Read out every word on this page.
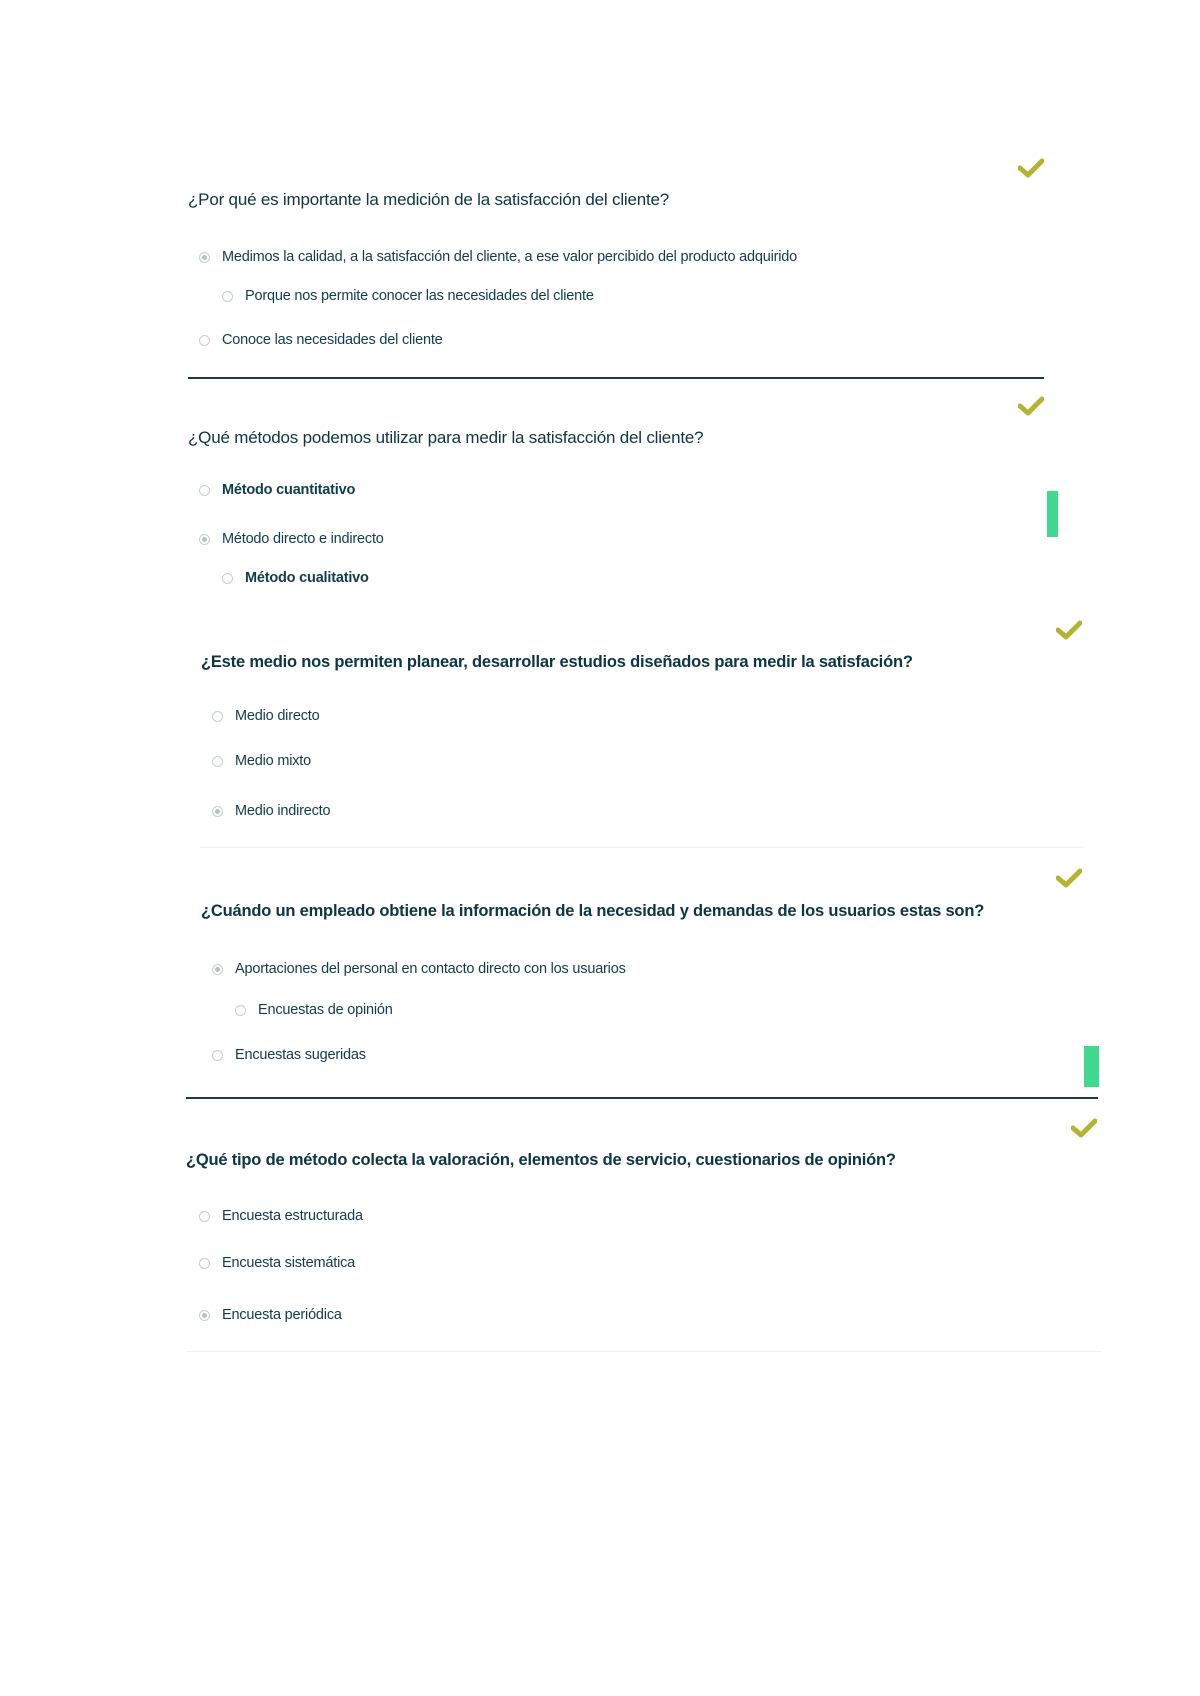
¿Por qué es importante la medición de la satisfacción del cliente?
Medimos la calidad, a la satisfacción del cliente, a ese valor percibido del producto adquirido
Porque nos permite conocer las necesidades del cliente
Conoce las necesidades del cliente
¿Qué métodos podemos utilizar para medir la satisfacción del cliente?
Método cuantitativo
Método directo e indirecto
Método cualitativo
¿Este medio nos permiten planear, desarrollar estudios diseñados para medir la satisfación?
Medio directo
Medio mixto
Medio indirecto
¿Cuándo un empleado obtiene la información de la necesidad y demandas de los usuarios estas son?
Aportaciones del personal en contacto directo con los usuarios
Encuestas de opinión
Encuestas sugeridas
¿Qué tipo de método colecta la valoración, elementos de servicio, cuestionarios de opinión?
Encuesta estructurada
Encuesta sistemática
Encuesta periódica
